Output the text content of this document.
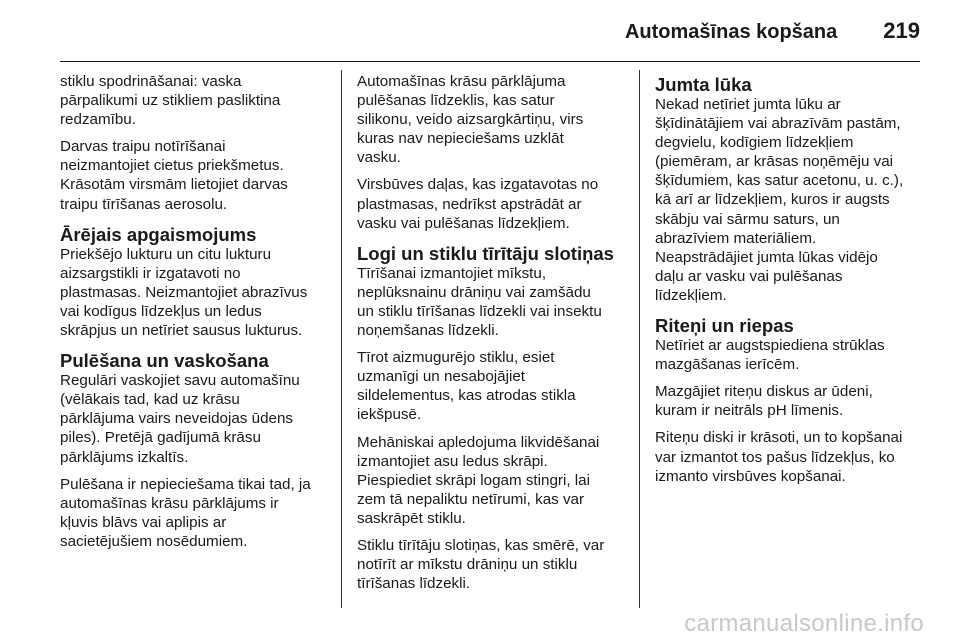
Automašīnas kopšana 219

stiklu spodrināšanai: vaska
pārpalikumi uz stikliem pasliktina
redzamību.

Darvas traipu notīrīšanai
neizmantojiet cietus priekšmetus.
Krāsotām virsmām lietojiet darvas
traipu tīrīšanas aerosolu.

Ārējais apgaismojums

Priekšējo lukturu un citu lukturu
aizsargstikli ir izgatavoti no
plastmasas. Neizmantojiet abrazīvus
vai kodīgus līdzekļus un ledus
skrāpjus un netīriet sausus lukturus.

Pulēšana un vaskošana

Regulāri vaskojiet savu automašīnu
(vēlākais tad, kad uz krāsu
pārklājuma vairs neveidojas ūdens
piles). Pretējā gadījumā krāsu
pārklājums izkaltīs.

Pulēšana ir nepieciešama tikai tad, ja
automašīnas krāsu pārklājums ir
kļuvis blāvs vai aplipis ar
sacietējušiem nosēdumiem.

Automašīnas krāsu pārklājuma
pulēšanas līdzeklis, kas satur
silikonu, veido aizsargkārtiņu, virs
kuras nav nepieciešams uzklāt
vasku.

Virsbūves daļas, kas izgatavotas no
plastmasas, nedrīkst apstrādāt ar
vasku vai pulēšanas līdzekļiem.

Logi un stiklu tīrītāju slotiņas

Tīrīšanai izmantojiet mīkstu,
neplūksnainu drāniņu vai zamšādu
un stiklu tīrīšanas līdzekli vai insektu
noņemšanas līdzekli.

Tīrot aizmugurējo stiklu, esiet
uzmanīgi un nesabojājiet
sildelementus, kas atrodas stikla
iekšpusē.

Mehāniskai apledojuma likvidēšanai
izmantojiet asu ledus skrāpi.
Piespiediet skrāpi logam stingri, lai
zem tā nepaliktu netīrumi, kas var
saskrāpēt stiklu.

Stiklu tīrītāju slotiņas, kas smērē, var
notīrīt ar mīkstu drāniņu un stiklu
tīrīšanas līdzekli.

Jumta lūka

Nekad netīriet jumta lūku ar
šķīdinātājiem vai abrazīvām pastām,
degvielu, kodīgiem līdzekļiem
(piemēram, ar krāsas noņēmēju vai
šķīdumiem, kas satur acetonu, u. c.),
kā arī ar līdzekļiem, kuros ir augsts
skābju vai sārmu saturs, un
abrazīviem materiāliem.
Neapstrādājiet jumta lūkas vidējo
daļu ar vasku vai pulēšanas
līdzekļiem.

Riteņi un riepas

Netīriet ar augstspiediena strūklas
mazgāšanas ierīcēm.

Mazgājiet riteņu diskus ar ūdeni,
kuram ir neitrāls pH līmenis.

Riteņu diski ir krāsoti, un to kopšanai
var izmantot tos pašus līdzekļus, ko
izmanto virsbūves kopšanai.

carmanualsonline.info
